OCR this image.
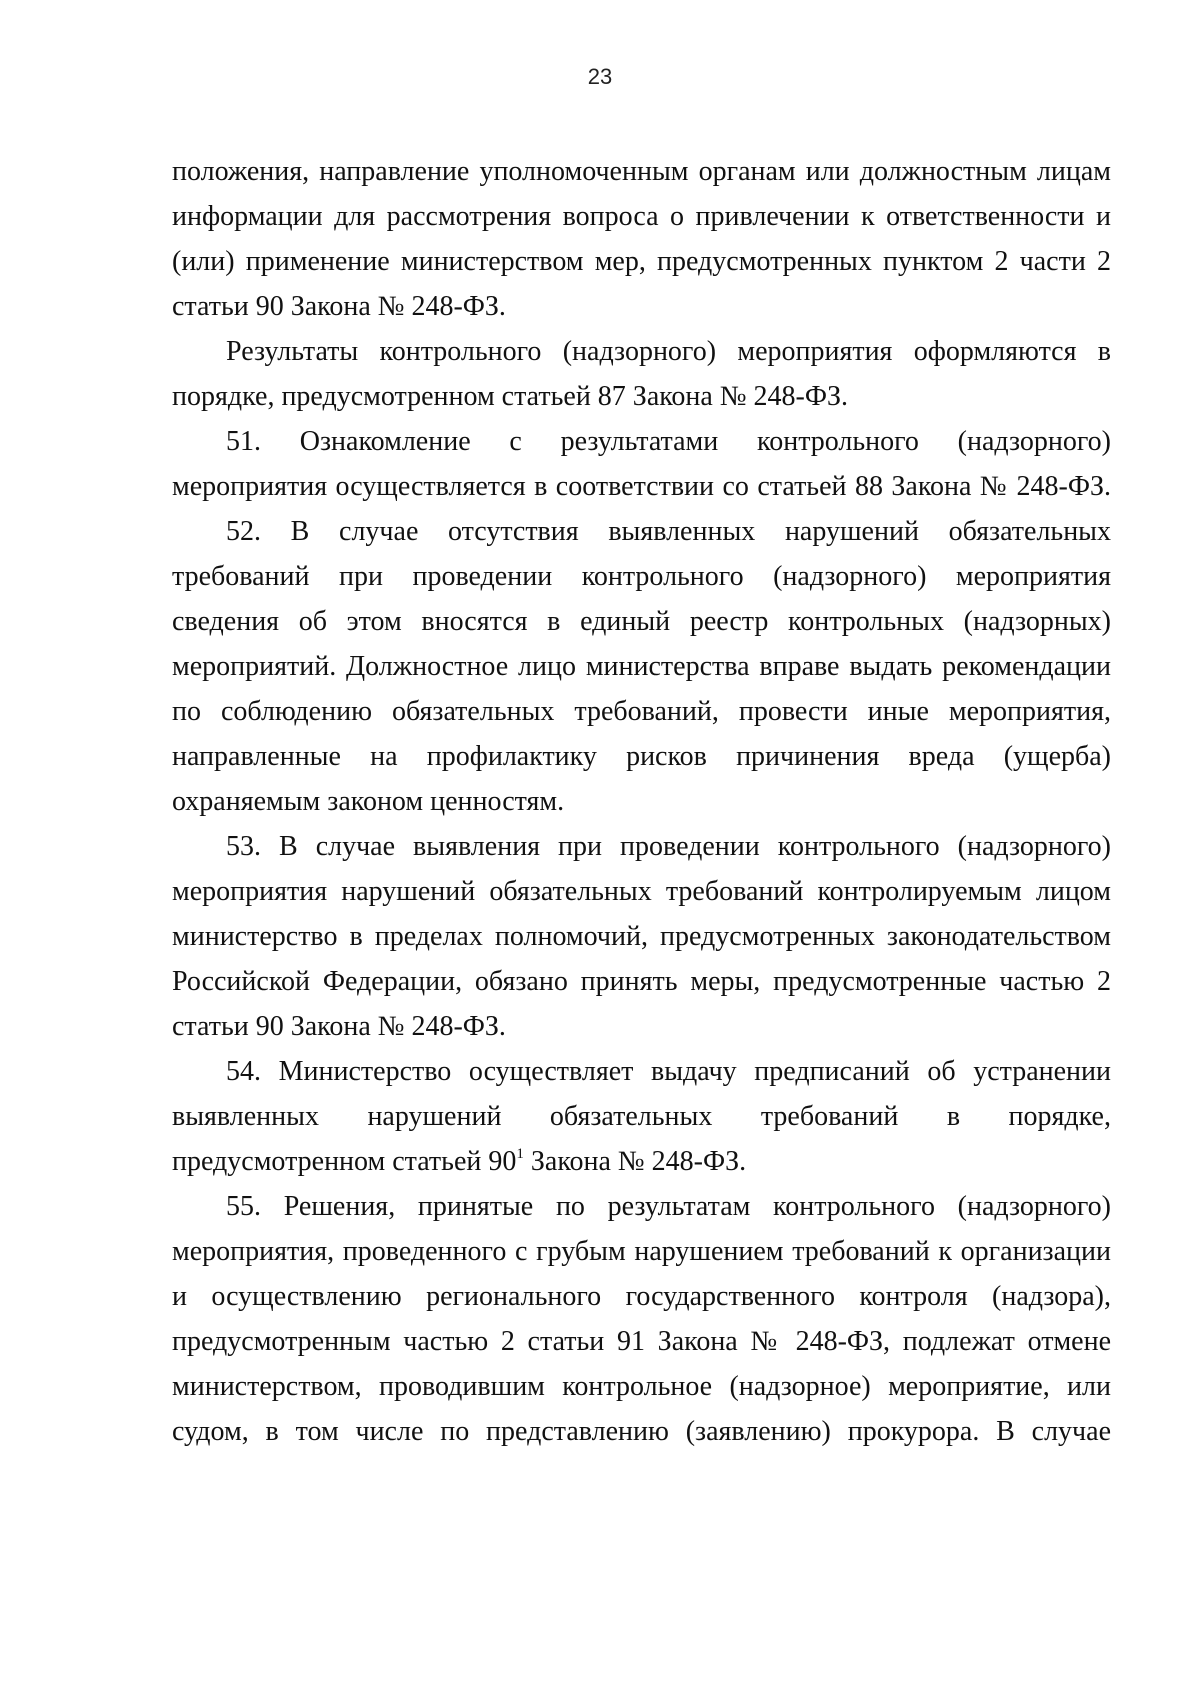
23
положения, направление уполномоченным органам или должностным лицам
информации для рассмотрения вопроса о привлечении к ответственности и
(или) применение министерством мер, предусмотренных пунктом 2 части 2
статьи 90 Закона № 248-ФЗ.
Результаты контрольного (надзорного) мероприятия оформляются в
порядке, предусмотренном статьей 87 Закона № 248-ФЗ.
51. Ознакомление с результатами контрольного (надзорного)
мероприятия осуществляется в соответствии со статьей 88 Закона № 248-ФЗ.
52. В случае отсутствия выявленных нарушений обязательных
требований при проведении контрольного (надзорного) мероприятия
сведения об этом вносятся в единый реестр контрольных (надзорных)
мероприятий. Должностное лицо министерства вправе выдать рекомендации
по соблюдению обязательных требований, провести иные мероприятия,
направленные на профилактику рисков причинения вреда (ущерба)
охраняемым законом ценностям.
53. В случае выявления при проведении контрольного (надзорного)
мероприятия нарушений обязательных требований контролируемым лицом
министерство в пределах полномочий, предусмотренных законодательством
Российской Федерации, обязано принять меры, предусмотренные частью 2
статьи 90 Закона № 248-ФЗ.
54. Министерство осуществляет выдачу предписаний об устранении
выявленных нарушений обязательных требований в порядке,
предусмотренном статьей $90^1$ Закона № 248-ФЗ.
55. Решения, принятые по результатам контрольного (надзорного)
мероприятия, проведенного с грубым нарушением требований к организации
и осуществлению регионального государственного контроля (надзора),
предусмотренным частью 2 статьи 91 Закона № 248-ФЗ, подлежат отмене
министерством, проводившим контрольное (надзорное) мероприятие, или
судом, в том числе по представлению (заявлению) прокурора. В случае
